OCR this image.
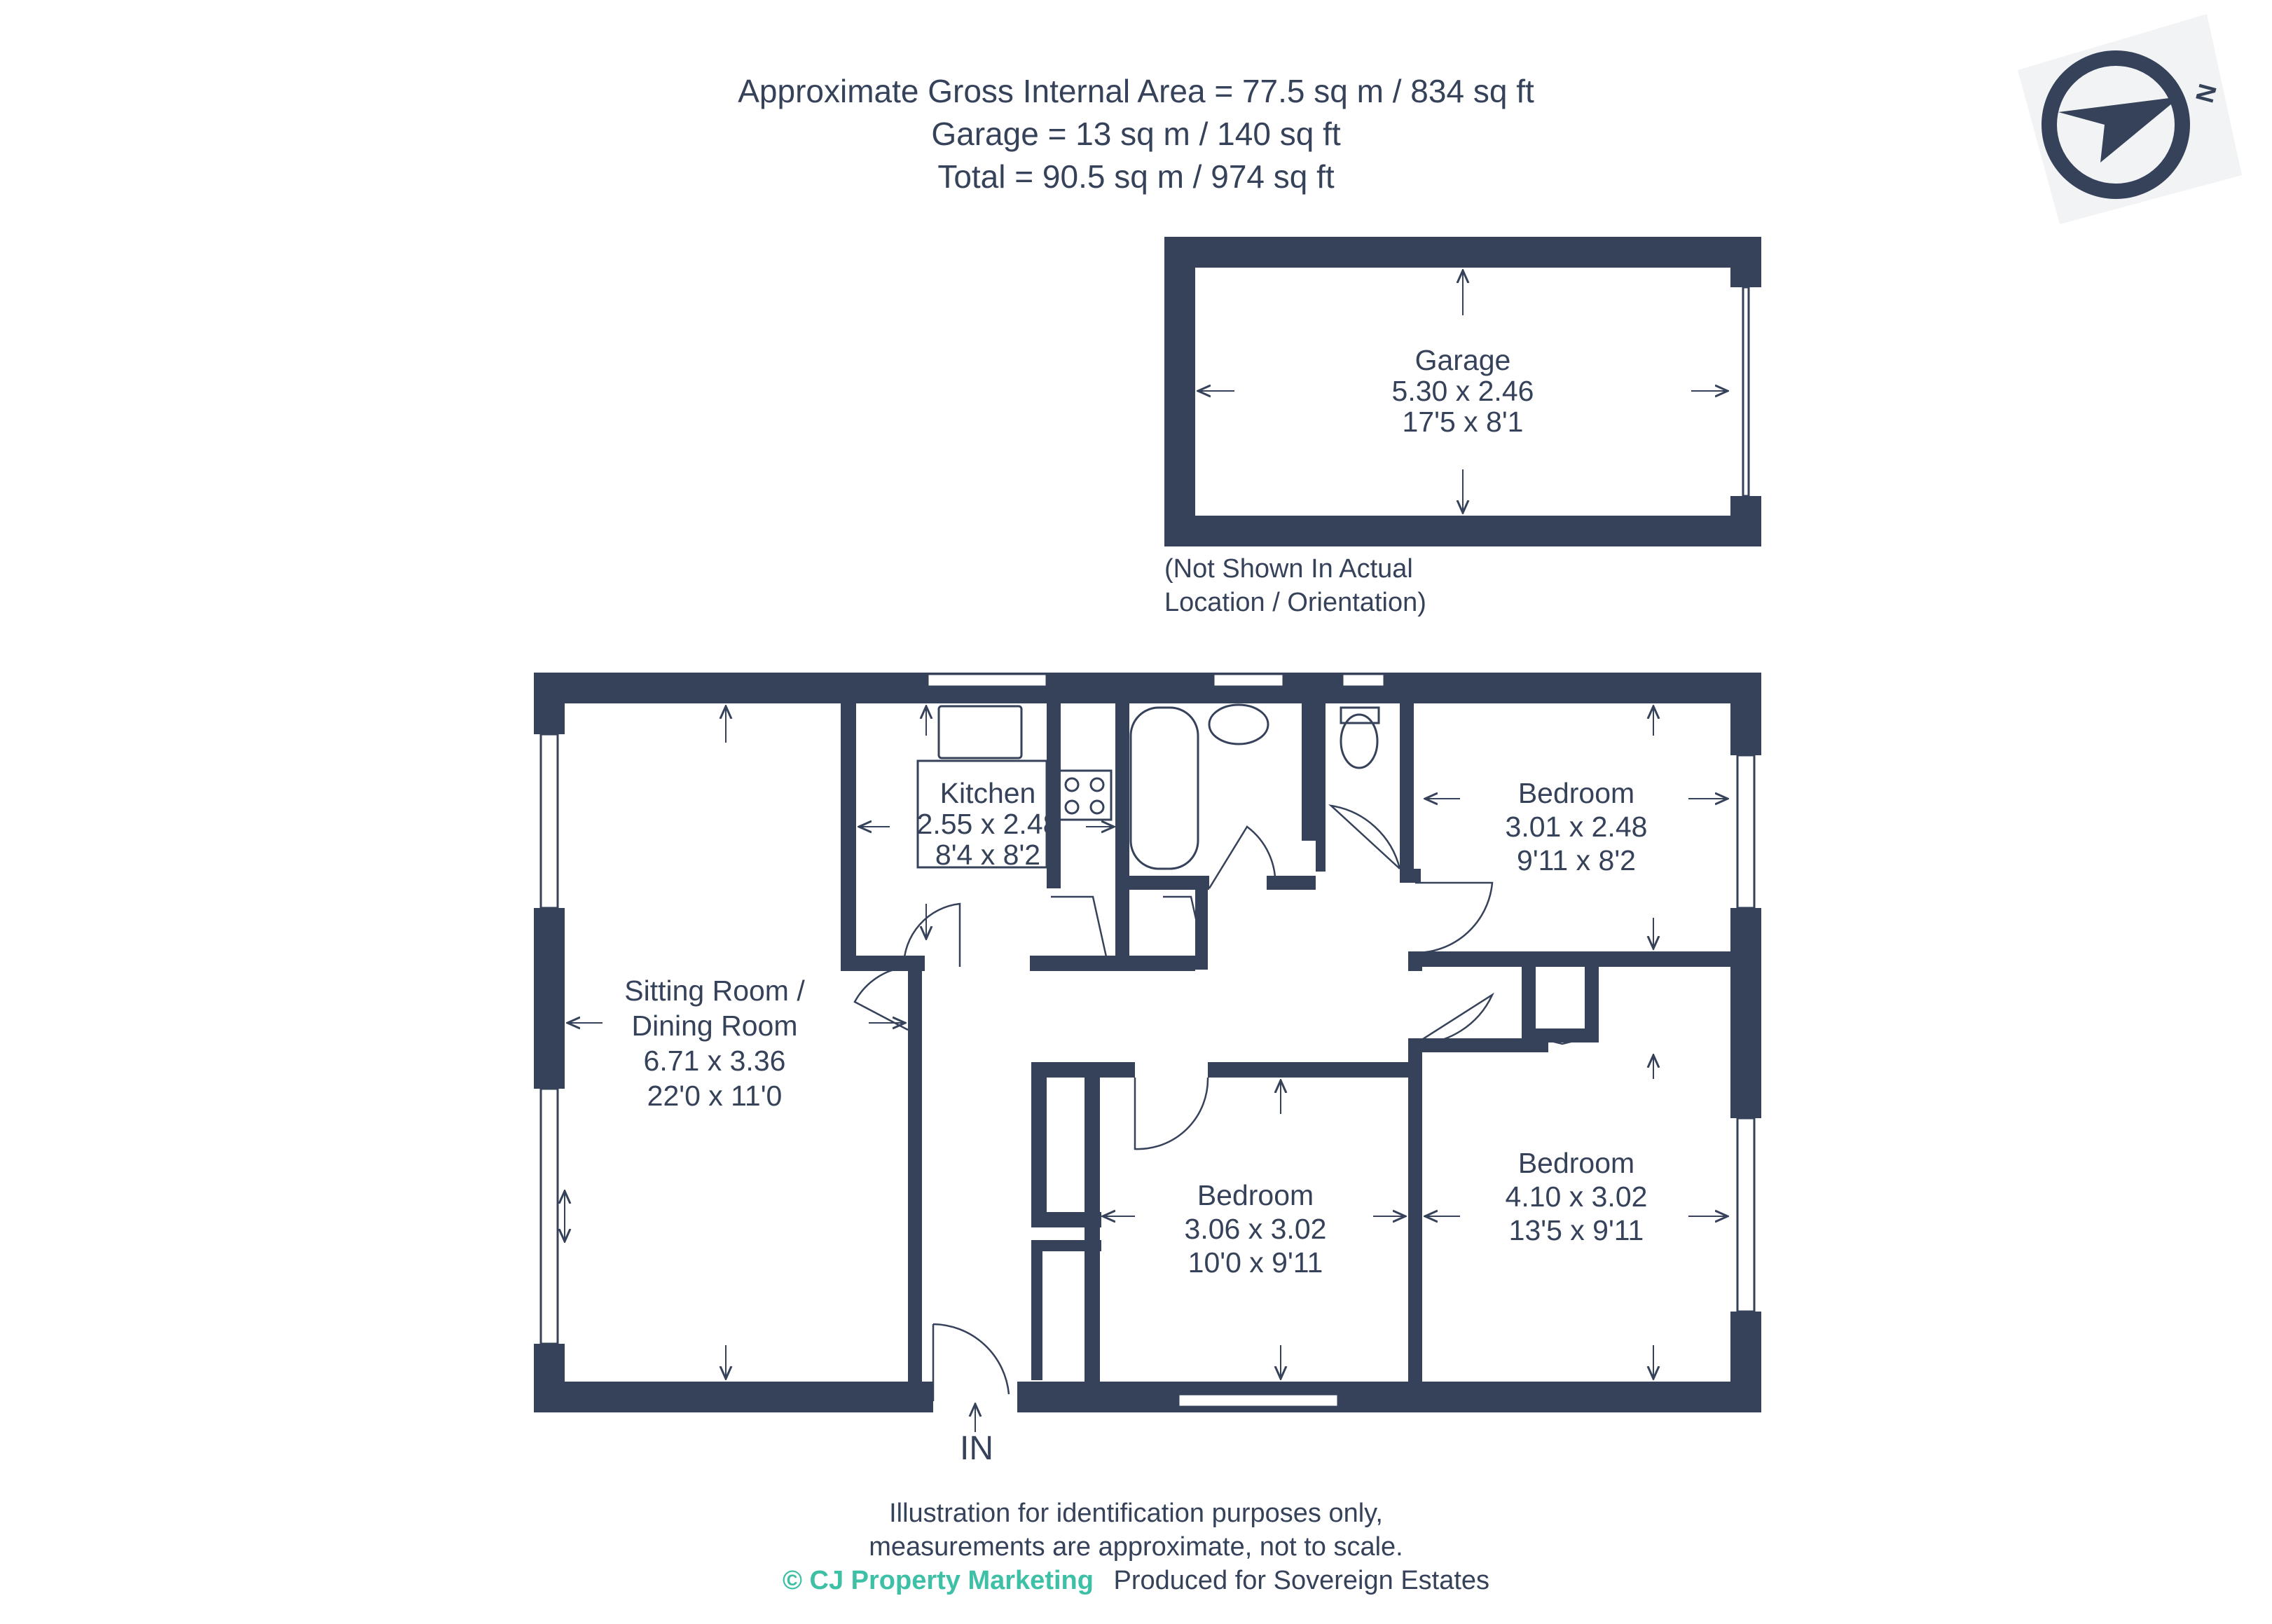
Approximate Gross Internal Area = 77.5 sq m / 834 sq ft
Garage = 13 sq m / 140 sq ft
Total = 90.5 sq m / 974 sq ft
N
Garage
5.30 x 2.46
17'5 x 8'1
Kitchen
2.55 x 2.48
8'4 x 8'2
Bedroom
3.01 x 2.48
9'11 x 8'2
Sitting Room /
Dining Room
6.71 x 3.36
22'0 x 11'0
Bedroom
3.06 x 3.02
10'0 x 9'11
Bedroom
4.10 x 3.02
13'5 x 9'11
(Not Shown In Actual
Location / Orientation)
IN
Illustration for identification purposes only,
measurements are approximate, not to scale.
© CJ Property Marketing Produced for Sovereign Estates
